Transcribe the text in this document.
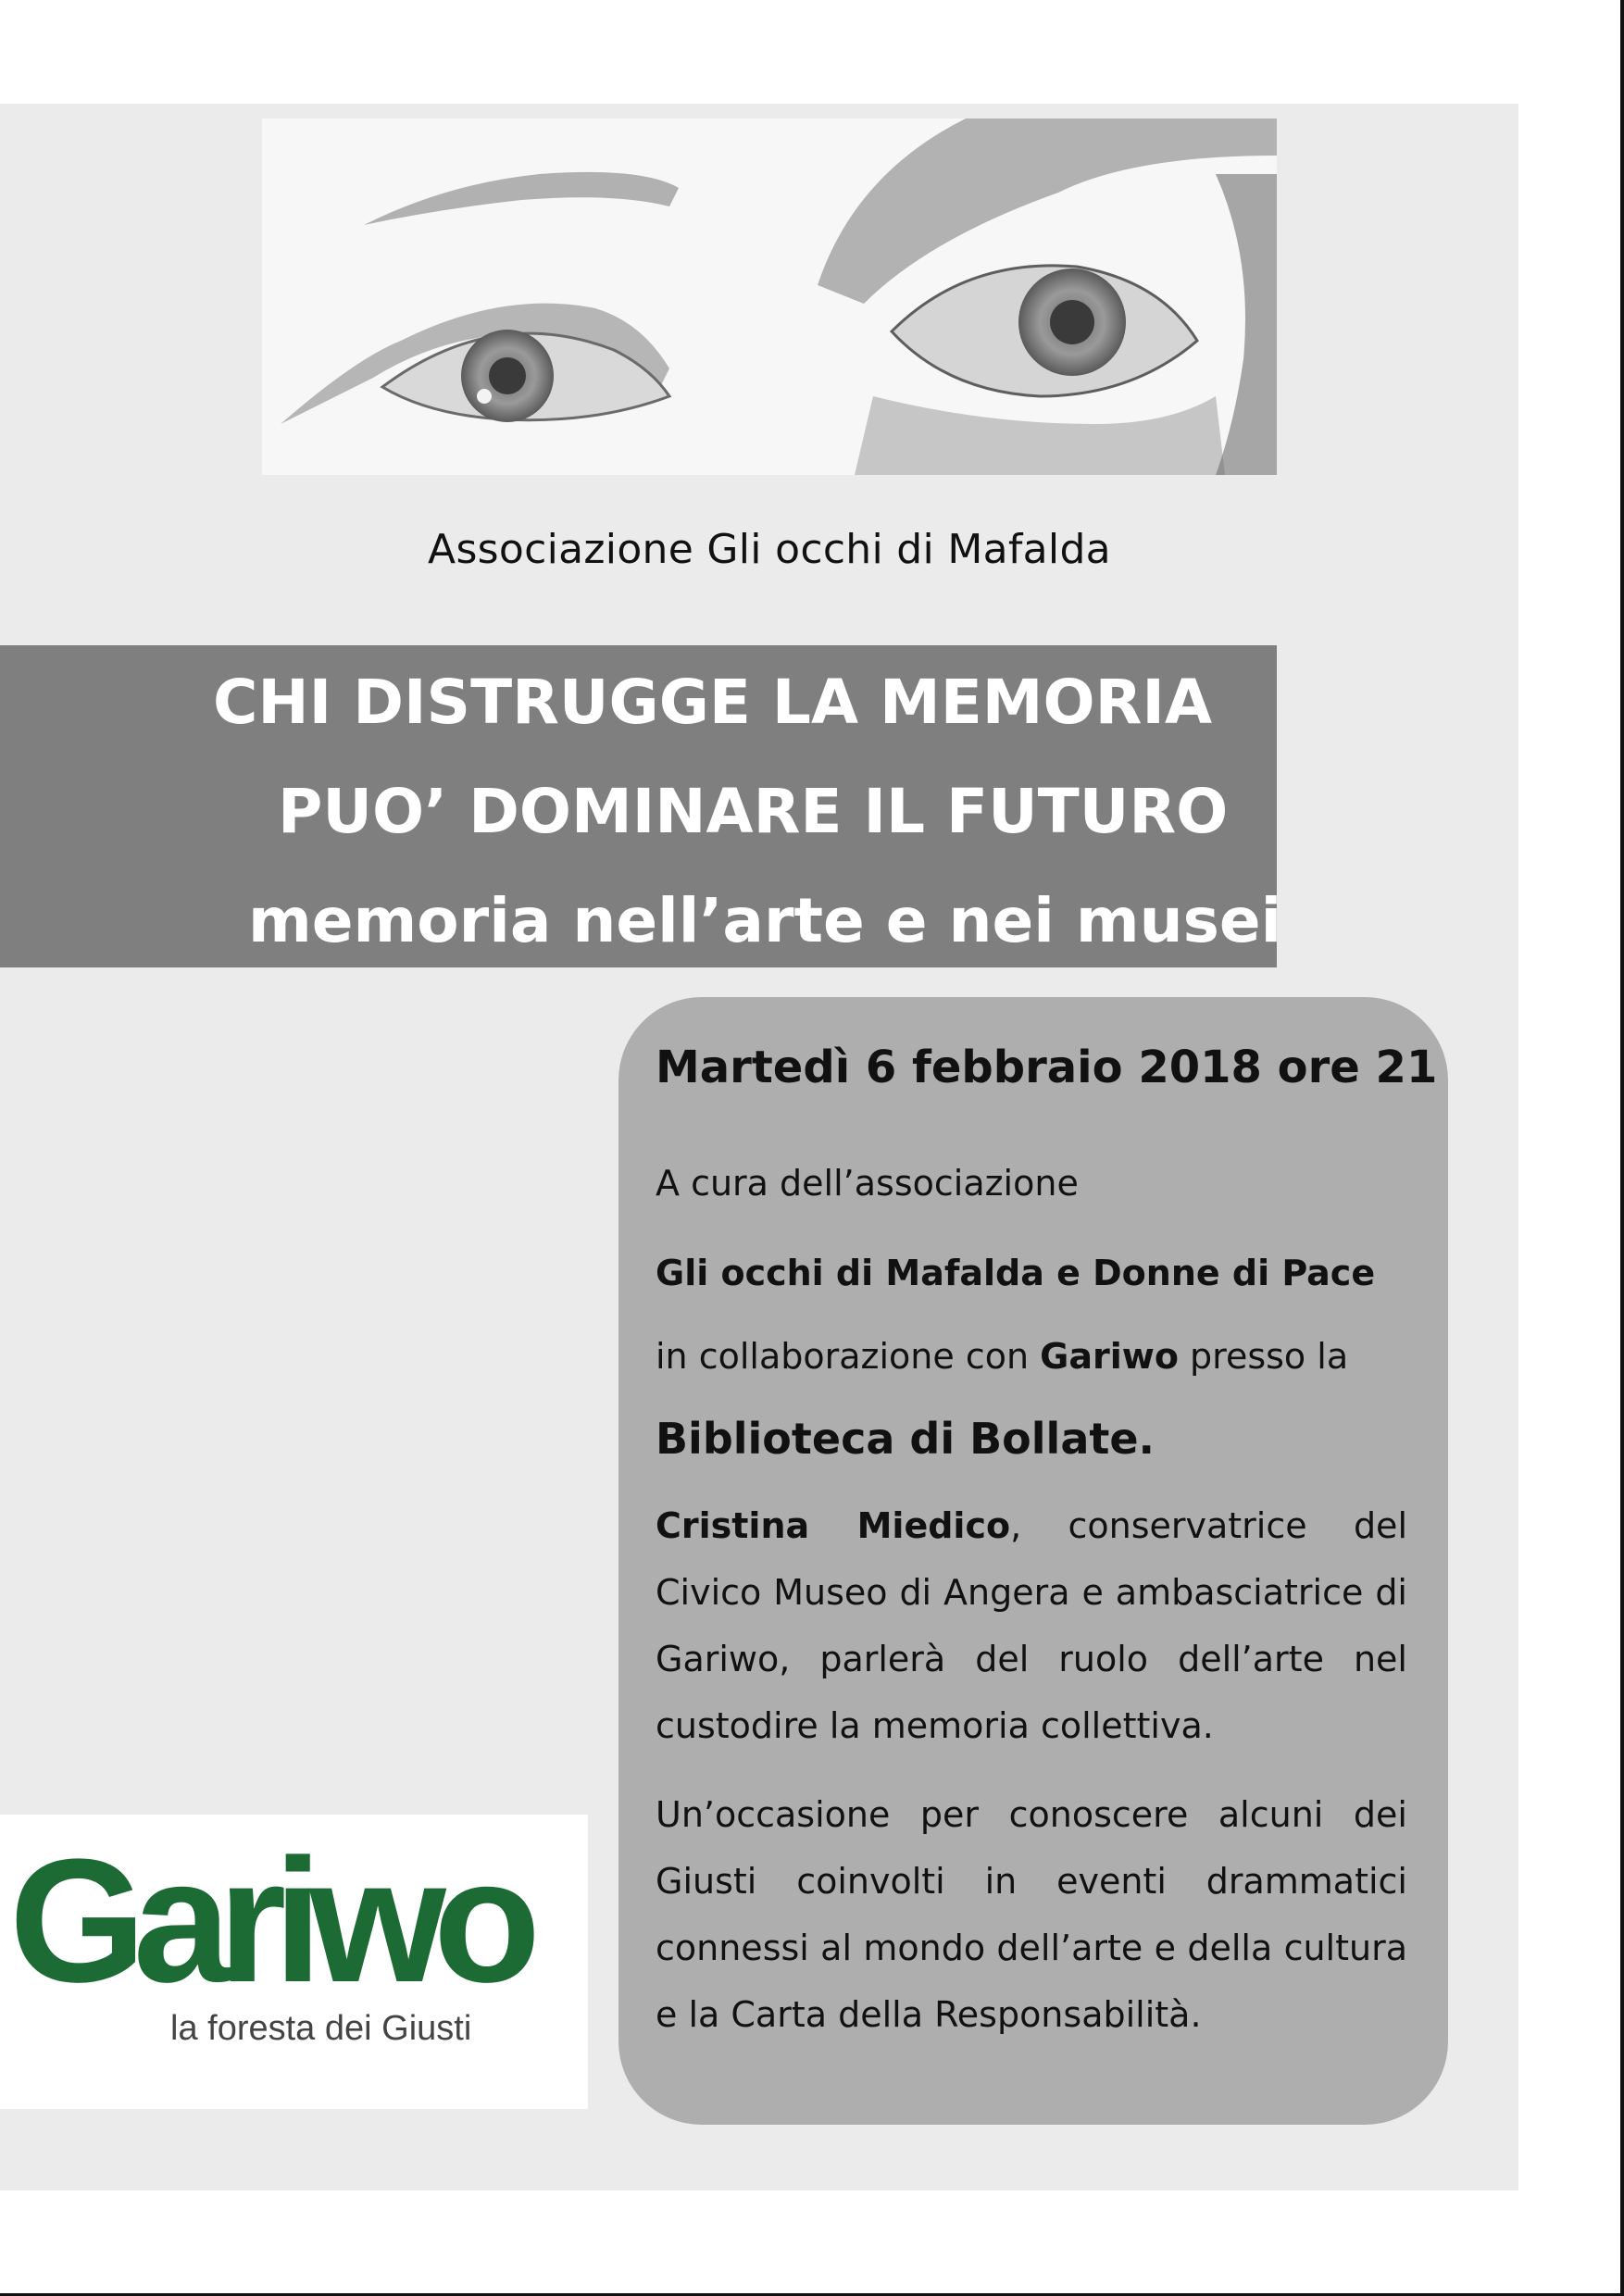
Associazione Gli occhi di Mafalda
CHI DISTRUGGE LA MEMORIA
PUO’ DOMINARE IL FUTURO
memoria nell’arte e nei musei
Martedì 6 febbraio 2018 ore 21
A cura dell’associazione
Gli occhi di Mafalda e Donne di Pace
in collaborazione con Gariwo presso la
Biblioteca di Bollate.
Cristina Miedico, conservatrice del Civico Museo di Angera e ambasciatrice di Gariwo, parlerà del ruolo dell’arte nel custodire la memoria collettiva.
Un’occasione per conoscere alcuni dei Giusti coinvolti in eventi drammatici connessi al mondo dell’arte e della cultura e la Carta della Responsabilità.
Gariwo
la foresta dei Giusti
